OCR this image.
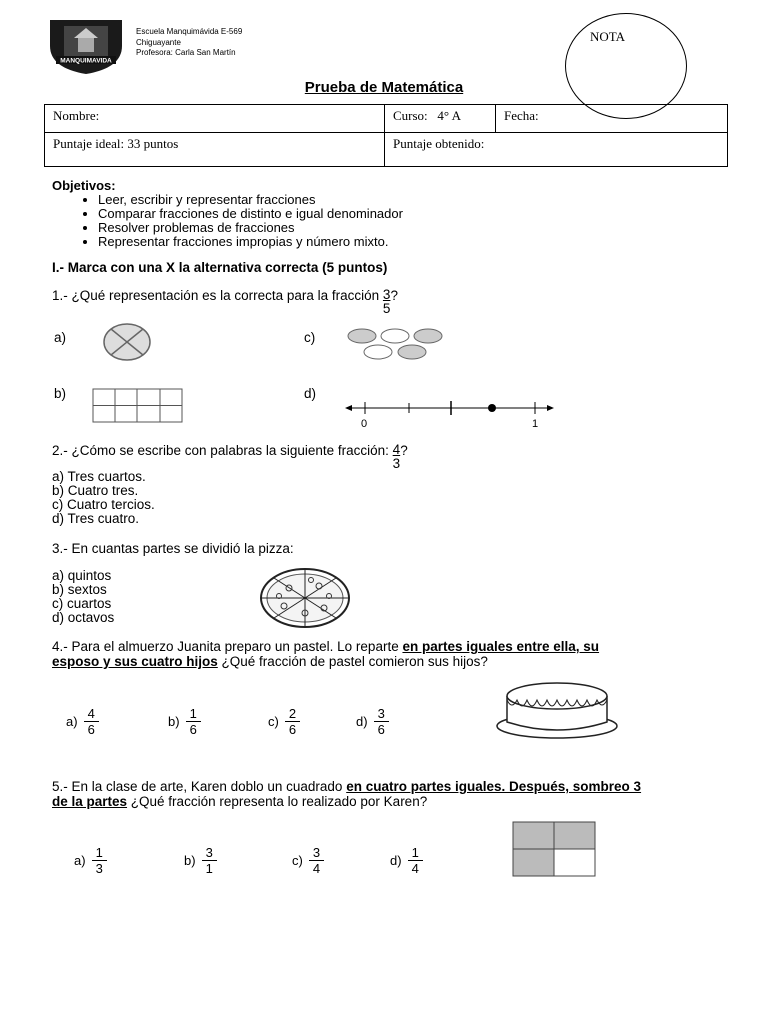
MANQUIMAVIDA
Escuela Manquimávida E-569
Chiguayante
Profesora: Carla San Martín
NOTA
Prueba de Matemática
Nombre:	Curso: 4° A	Fecha:
Puntaje ideal: 33 puntos	Puntaje obtenido:	
Objetivos:
• Leer, escribir y representar fracciones
• Comparar fracciones de distinto e igual denominador
• Resolver problemas de fracciones
• Representar fracciones impropias y número mixto.
I.- Marca con una X la alternativa correcta (5 puntos)
1.- ¿Qué representación es la correcta para la fracción $\frac{3}{5}$ ?
a)	c)
b)	d)
0	1
2.- ¿Cómo se escribe con palabras la siguiente fracción: $\frac{4}{3}$ ?
a) Tres cuartos.
b) Cuatro tres.
c) Cuatro tercios.
d) Tres cuatro.
3.- En cuantas partes se dividió la pizza:
a) quintos
b) sextos
c) cuartos
d) octavos
4.- Para el almuerzo Juanita preparo un pastel. Lo reparte en partes iguales entre ella, su
esposo y sus cuatro hijos ¿Qué fracción de pastel comieron sus hijos?
$a) \frac{4}{6}$	$b) \frac{1}{6}$	$c) \frac{2}{6}$	$d) \frac{3}{6}$
5.- En la clase de arte, Karen doblo un cuadrado en cuatro partes iguales. Después, sombreo 3
de la partes ¿Qué fracción representa lo realizado por Karen?
$a) \frac{1}{3}$	$b) \frac{3}{1}$	$c) \frac{3}{4}$	$d) \frac{1}{4}$
